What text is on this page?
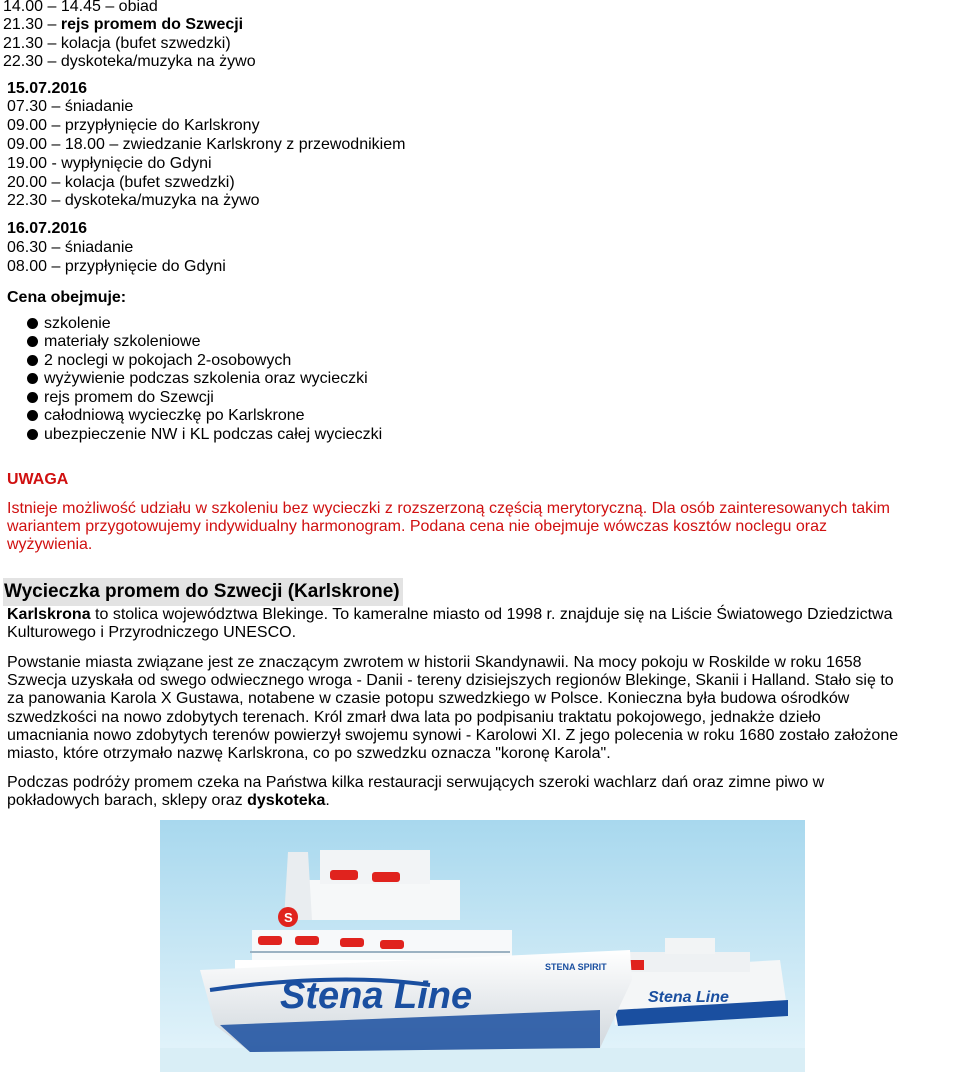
14.00 – 14.45 – obiad
21.30 – rejs promem do Szwecji
21.30 – kolacja (bufet szwedzki)
22.30 – dyskoteka/muzyka na żywo
15.07.2016
07.30 – śniadanie
09.00 – przypłynięcie do Karlskrony
09.00 – 18.00 – zwiedzanie Karlskrony z przewodnikiem
19.00 - wypłynięcie do Gdyni
20.00 – kolacja (bufet szwedzki)
22.30 – dyskoteka/muzyka na żywo
16.07.2016
06.30 – śniadanie
08.00 – przypłynięcie do Gdyni
Cena obejmuje:
szkolenie
materiały szkoleniowe
2 noclegi w pokojach 2-osobowych
wyżywienie podczas szkolenia oraz wycieczki
rejs promem do Szewcji
całodniową wycieczkę po Karlskrone
ubezpieczenie NW i KL podczas całej wycieczki
UWAGA
Istnieje możliwość udziału w szkoleniu bez wycieczki z rozszerzoną częścią merytoryczną. Dla osób zainteresowanych takim
wariantem przygotowujemy indywidualny harmonogram. Podana cena nie obejmuje wówczas kosztów noclegu oraz
wyżywienia.
Wycieczka promem do Szwecji (Karlskrone)
Karlskrona to stolica województwa Blekinge. To kameralne miasto od 1998 r. znajduje się na Liście Światowego Dziedzictwa
Kulturowego i Przyrodniczego UNESCO.
Powstanie miasta związane jest ze znaczącym zwrotem w historii Skandynawii. Na mocy pokoju w Roskilde w roku 1658
Szwecja uzyskała od swego odwiecznego wroga - Danii - tereny dzisiejszych regionów Blekinge, Skanii i Halland. Stało się to
za panowania Karola X Gustawa, notabene w czasie potopu szwedzkiego w Polsce. Konieczna była budowa ośrodków
szwedzkości na nowo zdobytych terenach. Król zmarł dwa lata po podpisaniu traktatu pokojowego, jednakże dzieło
umacniania nowo zdobytych terenów powierzył swojemu synowi - Karolowi XI. Z jego polecenia w roku 1680 zostało założone
miasto, które otrzymało nazwę Karlskrona, co po szwedzku oznacza "koronę Karola".
Podczas podróży promem czeka na Państwa kilka restauracji serwujących szeroki wachlarz dań oraz zimne piwo w
pokładowych barach, sklepy oraz dyskoteka.
Stena Line
S
Stena Line
STENA SPIRIT
